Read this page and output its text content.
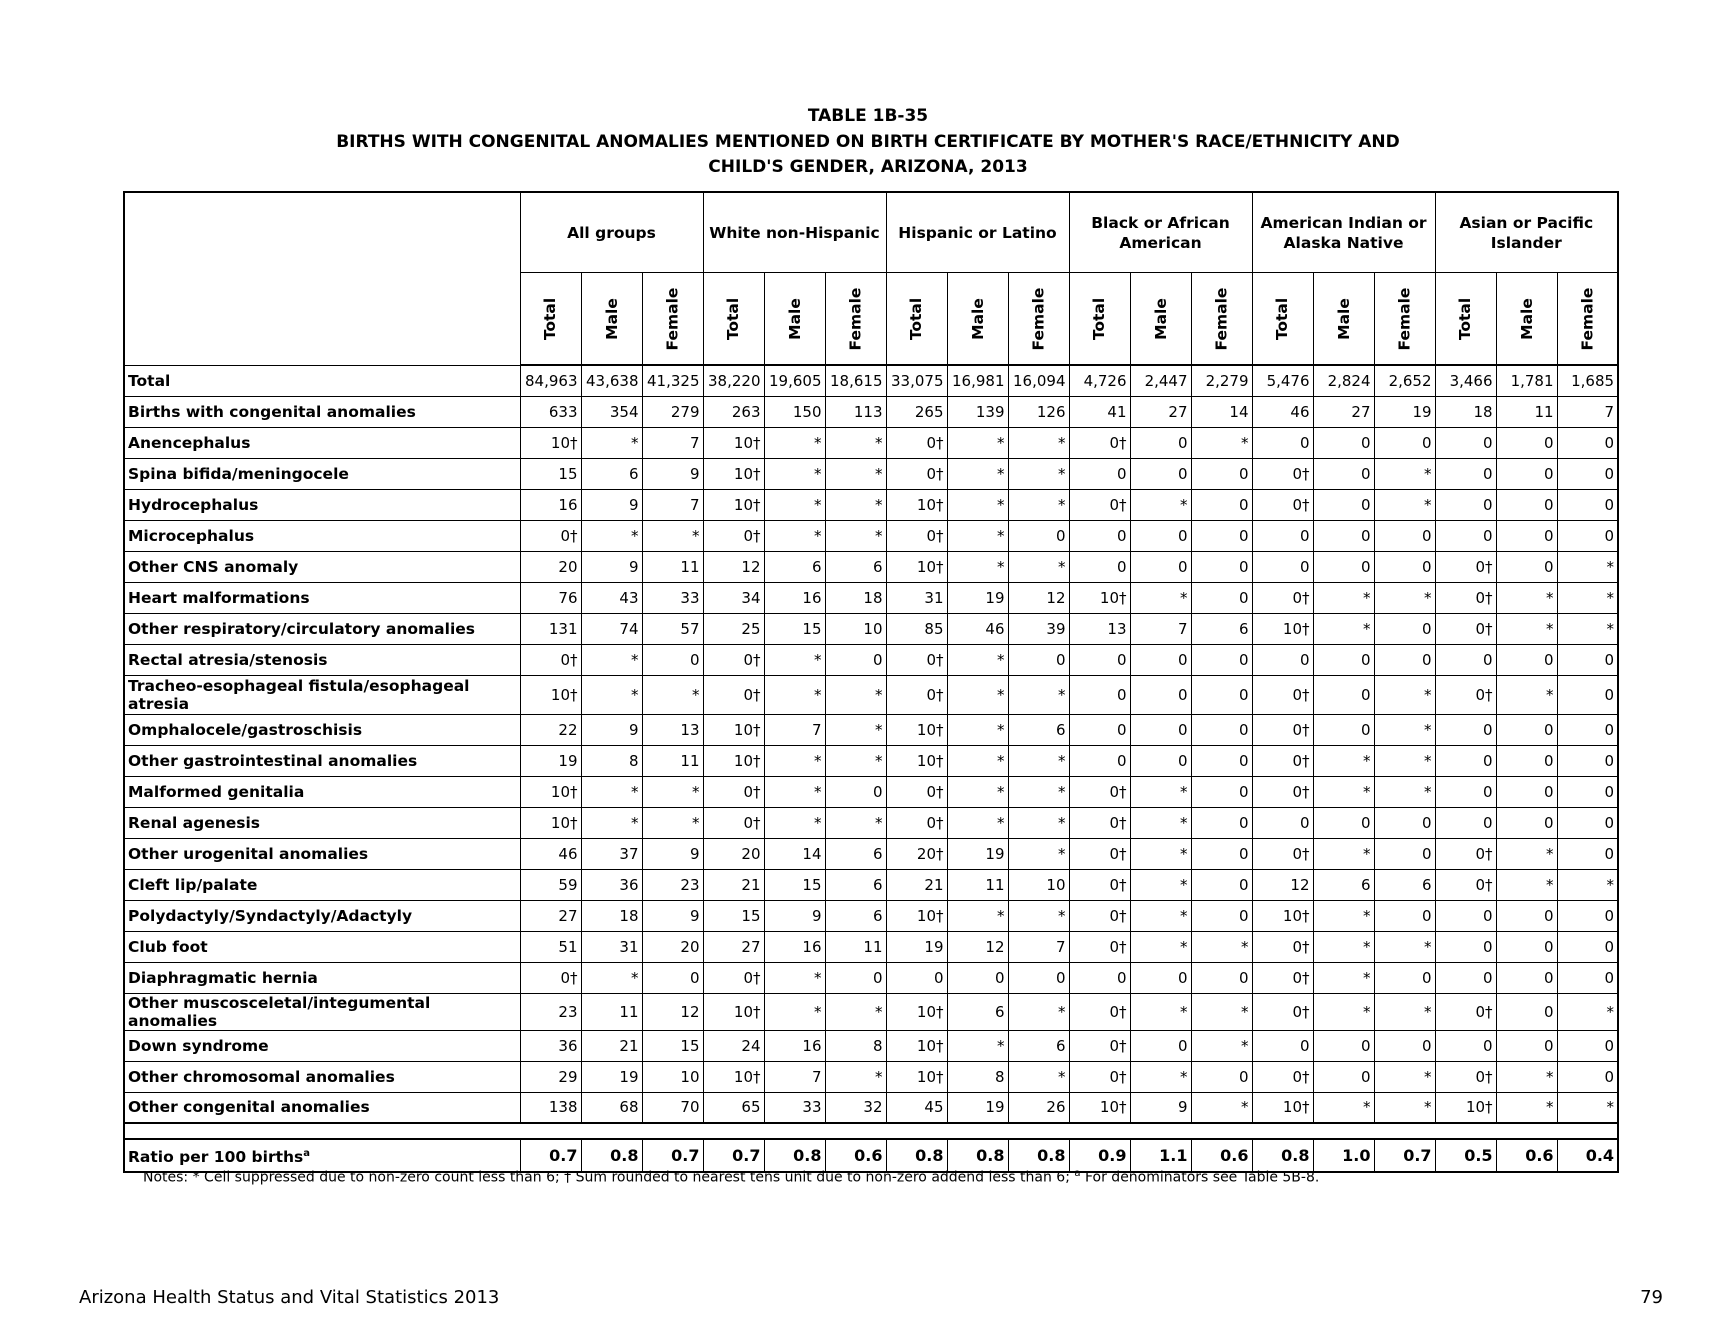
TABLE 1B-35
BIRTHS WITH CONGENITAL ANOMALIES MENTIONED ON BIRTH CERTIFICATE BY MOTHER'S RACE/ETHNICITY AND
CHILD'S GENDER, ARIZONA, 2013
	All groups			White non-Hispanic			Hispanic or Latino			Black or African American			American Indian or Alaska Native			Asian or Pacific Islander		

	Total	Male	Female	Total	Male	Female	Total	Male	Female	Total	Male	Female	Total	Male	Female	Total	Male	Female

Total	84,963	43,638	41,325	38,220	19,605	18,615	33,075	16,981	16,094	4,726	2,447	2,279	5,476	2,824	2,652	3,466	1,781	1,685
Births with congenital anomalies	633	354	279	263	150	113	265	139	126	41	27	14	46	27	19	18	11	7
Anencephalus	10†	*	7	10†	*	*	0†	*	*	0†	0	*	0	0	0	0	0	0
Spina bifida/meningocele	15	6	9	10†	*	*	0†	*	*	0	0	0	0†	0	*	0	0	0
Hydrocephalus	16	9	7	10†	*	*	10†	*	*	0†	*	0	0†	0	*	0	0	0
Microcephalus	0†	*	*	0†	*	*	0†	*	0	0	0	0	0	0	0	0	0	0
Other CNS anomaly	20	9	11	12	6	6	10†	*	*	0	0	0	0	0	0	0†	0	*
Heart malformations	76	43	33	34	16	18	31	19	12	10†	*	0	0†	*	*	0†	*	*
Other respiratory/circulatory anomalies	131	74	57	25	15	10	85	46	39	13	7	6	10†	*	0	0†	*	*
Rectal atresia/stenosis	0†	*	0	0†	*	0	0†	*	0	0	0	0	0	0	0	0	0	0
Tracheo-esophageal fistula/esophageal atresia	10†	*	*	0†	*	*	0†	*	*	0	0	0	0†	0	*	0†	*	0
Omphalocele/gastroschisis	22	9	13	10†	7	*	10†	*	6	0	0	0	0†	0	*	0	0	0
Other gastrointestinal anomalies	19	8	11	10†	*	*	10†	*	*	0	0	0	0†	*	*	0	0	0
Malformed genitalia	10†	*	*	0†	*	0	0†	*	*	0†	*	0	0†	*	*	0	0	0
Renal agenesis	10†	*	*	0†	*	*	0†	*	*	0†	*	0	0	0	0	0	0	0
Other urogenital anomalies	46	37	9	20	14	6	20†	19	*	0†	*	0	0†	*	0	0†	*	0
Cleft lip/palate	59	36	23	21	15	6	21	11	10	0†	*	0	12	6	6	0†	*	*
Polydactyly/Syndactyly/Adactyly	27	18	9	15	9	6	10†	*	*	0†	*	0	10†	*	0	0	0	0
Club foot	51	31	20	27	16	11	19	12	7	0†	*	*	0†	*	*	0	0	0
Diaphragmatic hernia	0†	*	0	0†	*	0	0	0	0	0	0	0	0†	*	0	0	0	0
Other muscosceletal/integumental anomalies	23	11	12	10†	*	*	10†	6	*	0†	*	*	0†	*	*	0†	0	*
Down syndrome	36	21	15	24	16	8	10†	*	6	0†	0	*	0	0	0	0	0	0
Other chromosomal anomalies	29	19	10	10†	7	*	10†	8	*	0†	*	0	0†	0	*	0†	*	0
Other congenital anomalies	138	68	70	65	33	32	45	19	26	10†	9	*	10†	*	*	10†	*	*

Ratio per 100 births$^a$	0.7	0.8	0.7	0.7	0.8	0.6	0.8	0.8	0.8	0.9	1.1	0.6	0.8	1.0	0.7	0.5	0.6	0.4
Notes: * Cell suppressed due to non-zero count less than 6; † Sum rounded to nearest tens unit due to non-zero addend less than 6; $^a$ For denominators see Table 5B-8.
Arizona Health Status and Vital Statistics 2013	79
